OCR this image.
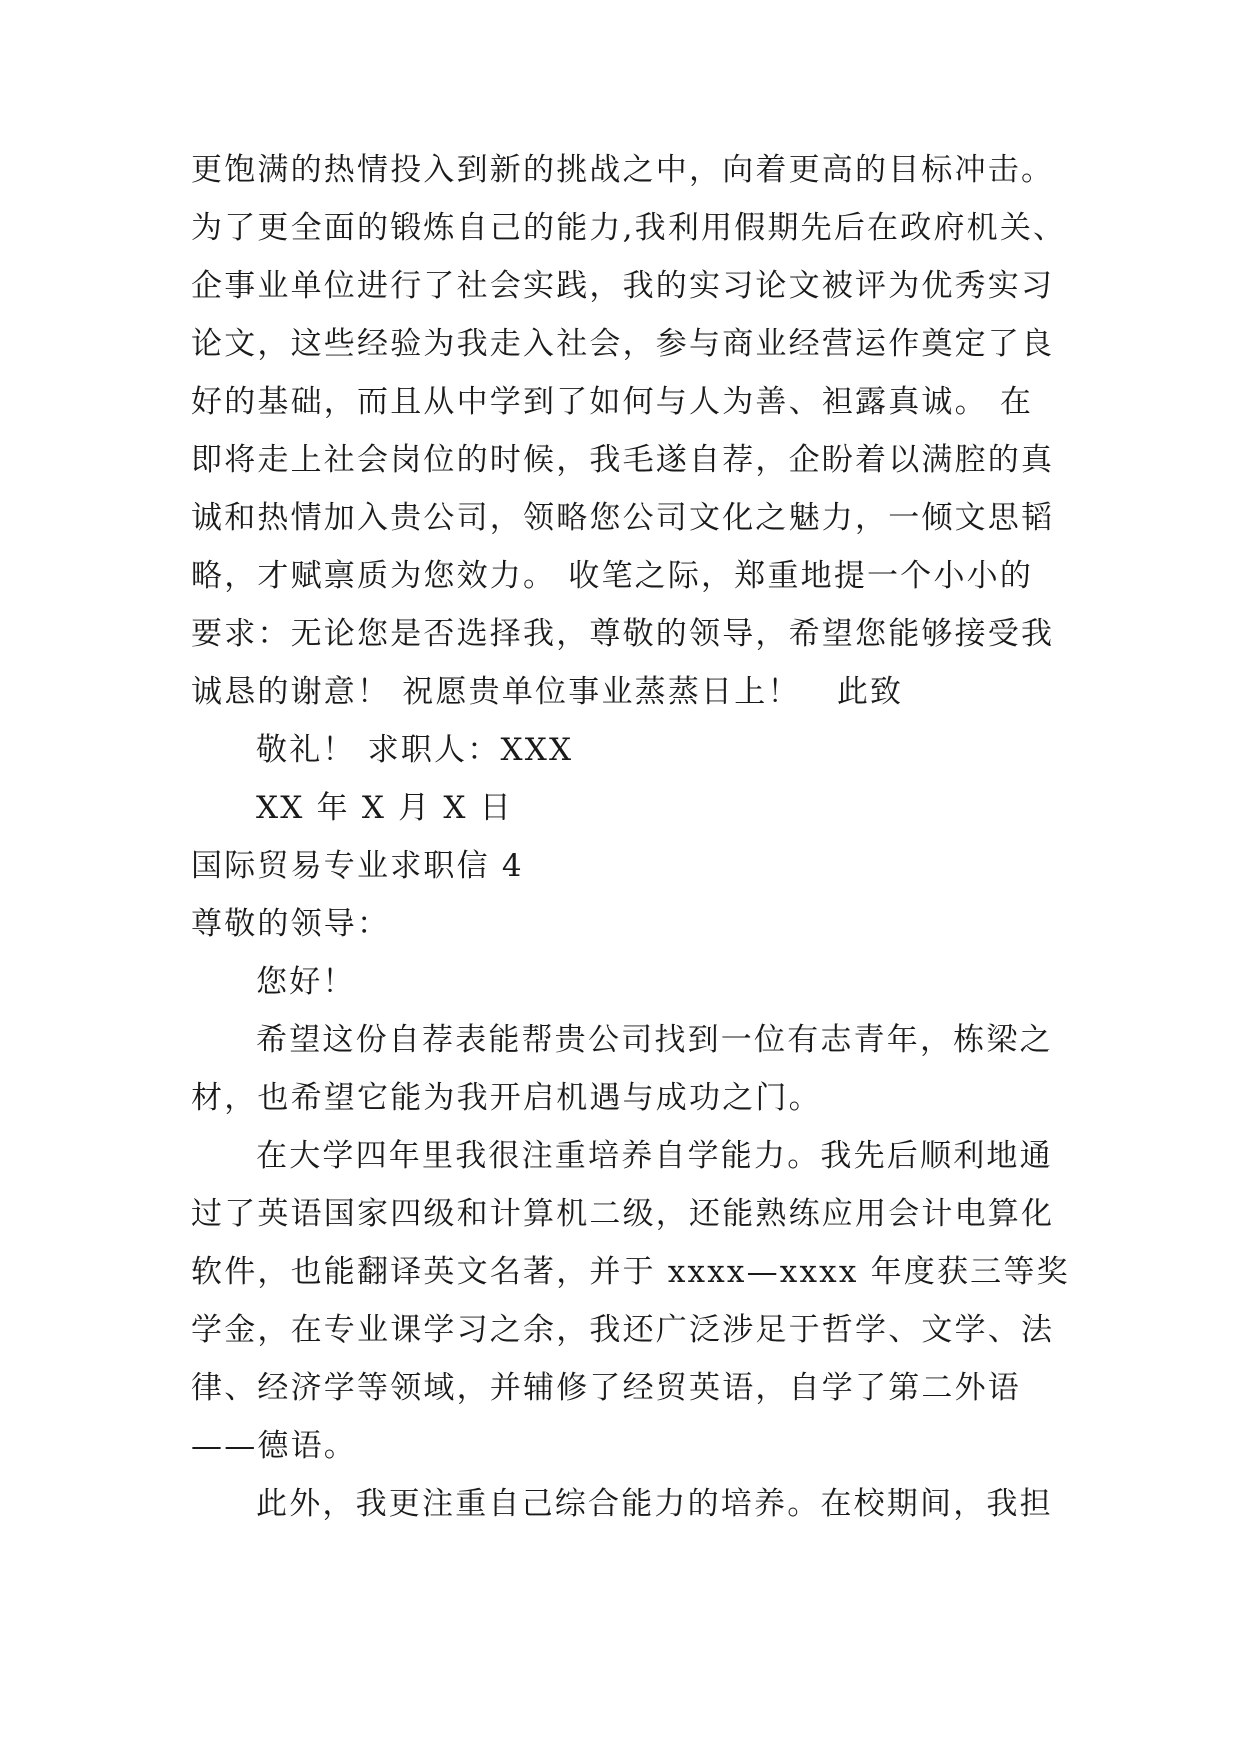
更饱满的热情投入到新的挑战之中，向着更高的目标冲击。
为了更全面的锻炼自己的能力,我利用假期先后在政府机关、
企事业单位进行了社会实践，我的实习论文被评为优秀实习
论文，这些经验为我走入社会，参与商业经营运作奠定了良
好的基础，而且从中学到了如何与人为善、袒露真诚。 在
即将走上社会岗位的时候，我毛遂自荐，企盼着以满腔的真
诚和热情加入贵公司，领略您公司文化之魅力，一倾文思韬
略，才赋禀质为您效力。 收笔之际，郑重地提一个小小的
要求：无论您是否选择我，尊敬的领导，希望您能够接受我
诚恳的谢意！ 祝愿贵单位事业蒸蒸日上！   此致
敬礼！ 求职人：XXX
XX 年 X 月 X 日
国际贸易专业求职信 4
尊敬的领导：
您好！
希望这份自荐表能帮贵公司找到一位有志青年，栋梁之
材，也希望它能为我开启机遇与成功之门。
在大学四年里我很注重培养自学能力。我先后顺利地通
过了英语国家四级和计算机二级，还能熟练应用会计电算化
软件，也能翻译英文名著，并于 xxxx—xxxx 年度获三等奖
学金，在专业课学习之余，我还广泛涉足于哲学、文学、法
律、经济学等领域，并辅修了经贸英语，自学了第二外语
——德语。
此外，我更注重自己综合能力的培养。在校期间，我担
